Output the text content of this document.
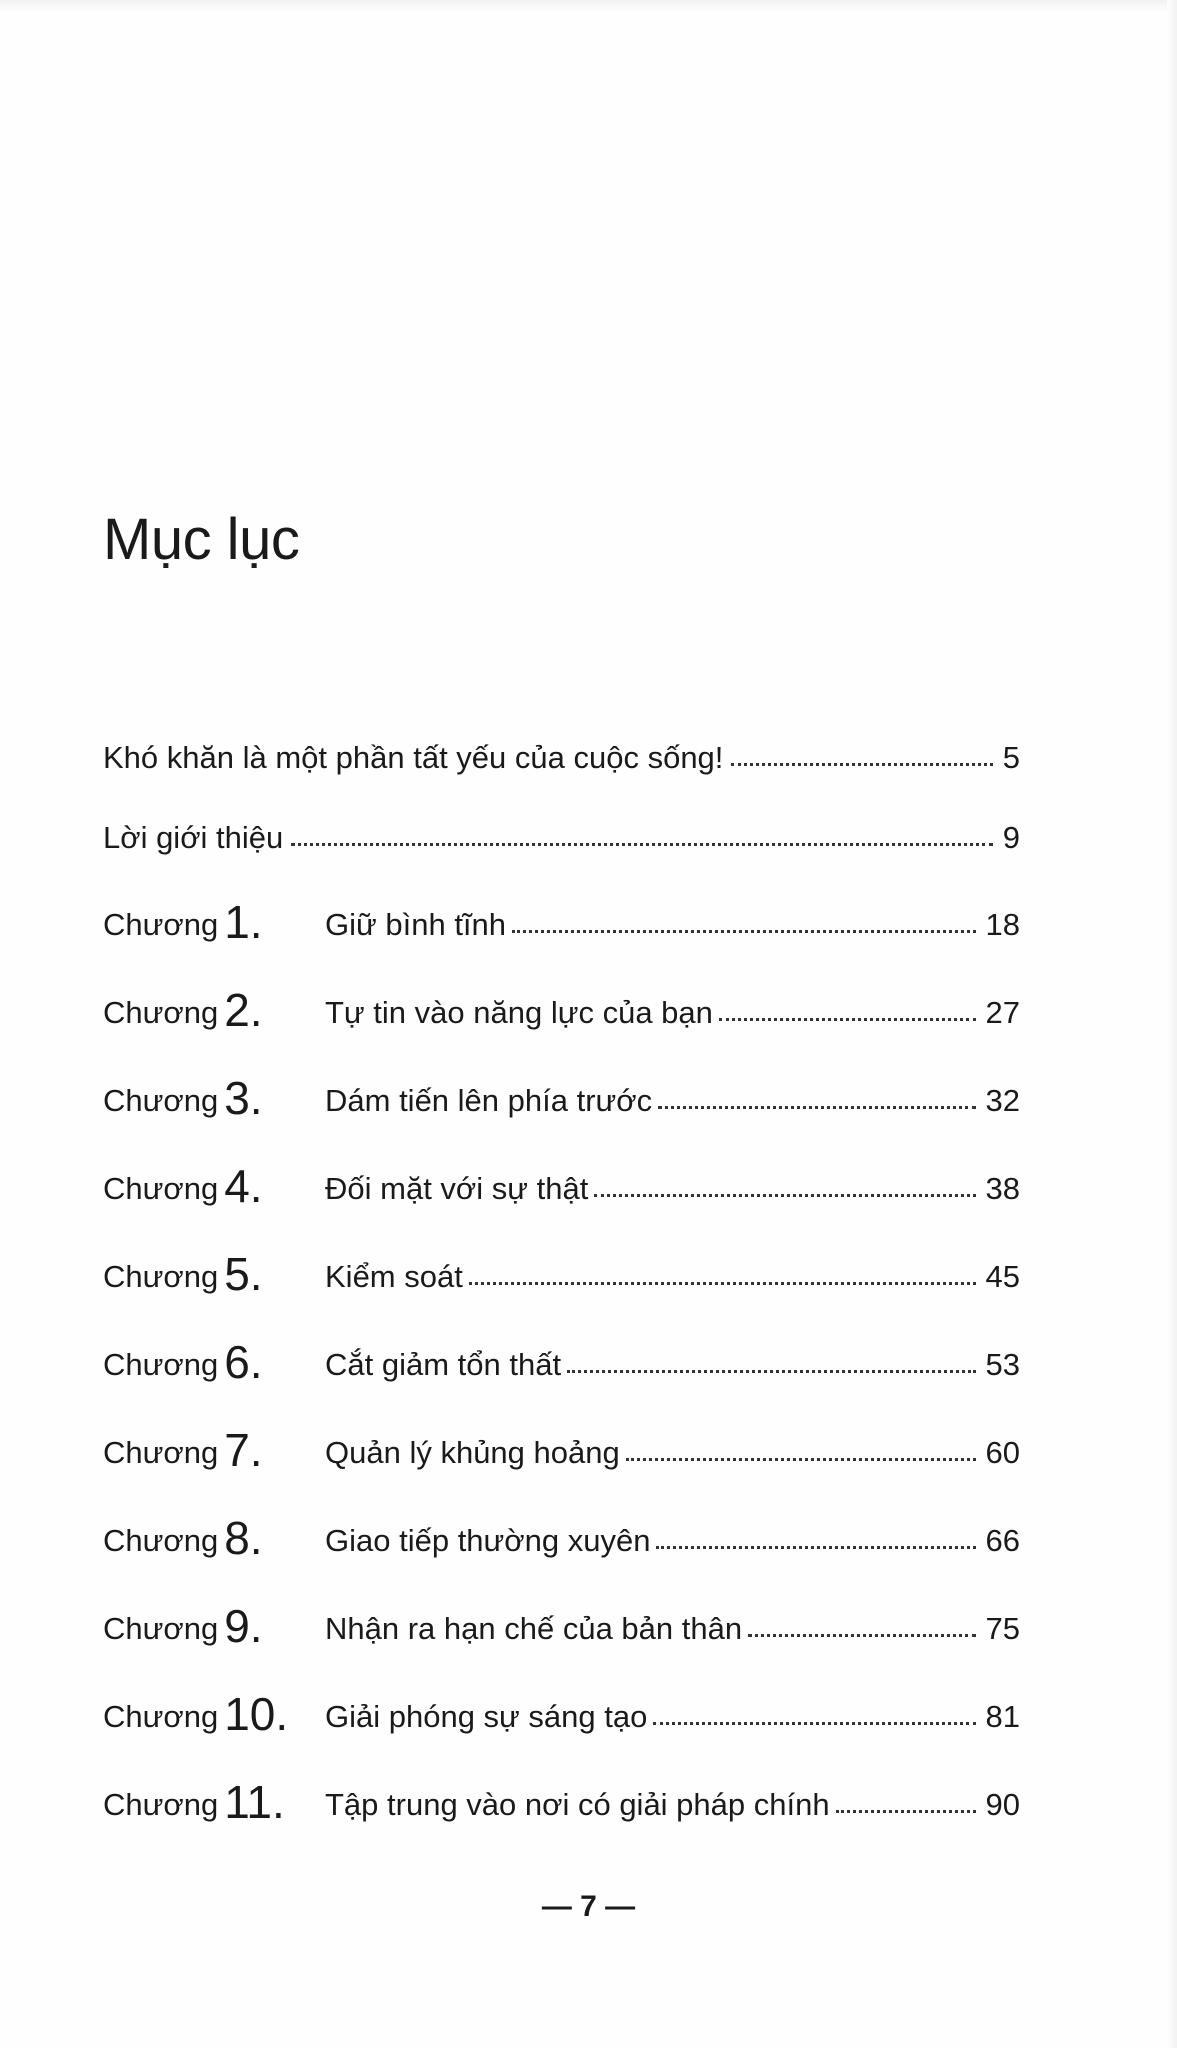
Mục lục
Khó khăn là một phần tất yếu của cuộc sống!	5
Lời giới thiệu	9
Chương 1. Giữ bình tĩnh	18
Chương 2. Tự tin vào năng lực của bạn	27
Chương 3. Dám tiến lên phía trước	32
Chương 4. Đối mặt với sự thật	38
Chương 5. Kiểm soát	45
Chương 6. Cắt giảm tổn thất	53
Chương 7. Quản lý khủng hoảng	60
Chương 8. Giao tiếp thường xuyên	66
Chương 9. Nhận ra hạn chế của bản thân	75
Chương 10. Giải phóng sự sáng tạo	81
Chương 11. Tập trung vào nơi có giải pháp chính	90
— 7 —
